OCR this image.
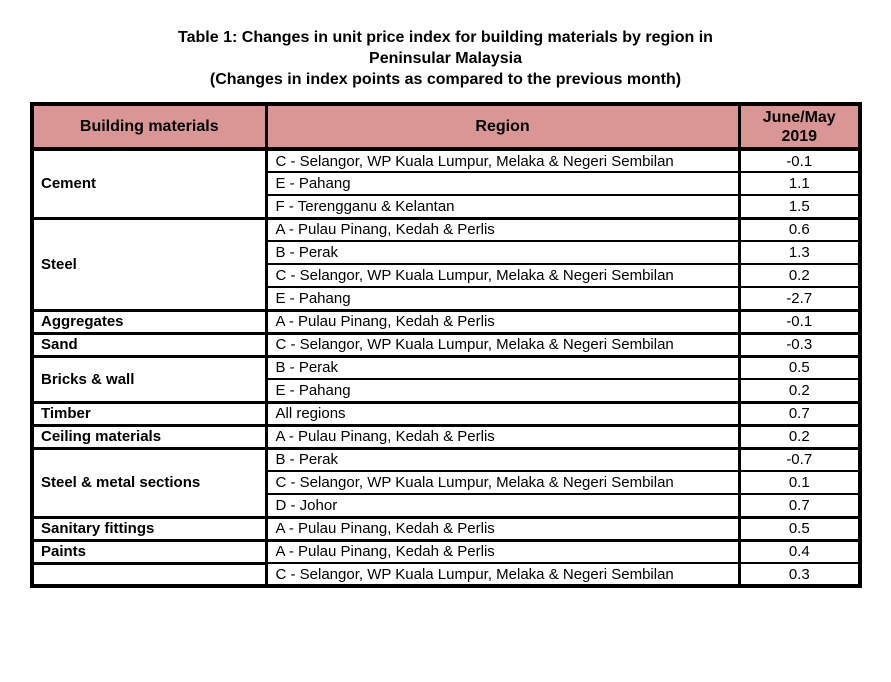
Table 1: Changes in unit price index for building materials by region in
Peninsular Malaysia
(Changes in index points as compared to the previous month)
Building materials	Region	June/May
2019

Cement	C - Selangor, WP Kuala Lumpur, Melaka & Negeri Sembilan	-0.1
	E - Pahang	1.1
	F - Terengganu & Kelantan	1.5
Steel	A - Pulau Pinang, Kedah & Perlis	0.6
	B - Perak	1.3
	C - Selangor, WP Kuala Lumpur, Melaka & Negeri Sembilan	0.2
	E - Pahang	-2.7
Aggregates	A - Pulau Pinang, Kedah & Perlis	-0.1
Sand	C - Selangor, WP Kuala Lumpur, Melaka & Negeri Sembilan	-0.3
Bricks & wall	B - Perak	0.5
	E - Pahang	0.2
Timber	All regions	0.7
Ceiling materials	A - Pulau Pinang, Kedah & Perlis	0.2
Steel & metal sections	B - Perak	-0.7
	C - Selangor, WP Kuala Lumpur, Melaka & Negeri Sembilan	0.1
	D - Johor	0.7
Sanitary fittings	A - Pulau Pinang, Kedah & Perlis	0.5
Paints	A - Pulau Pinang, Kedah & Perlis	0.4
	C - Selangor, WP Kuala Lumpur, Melaka & Negeri Sembilan	0.3
